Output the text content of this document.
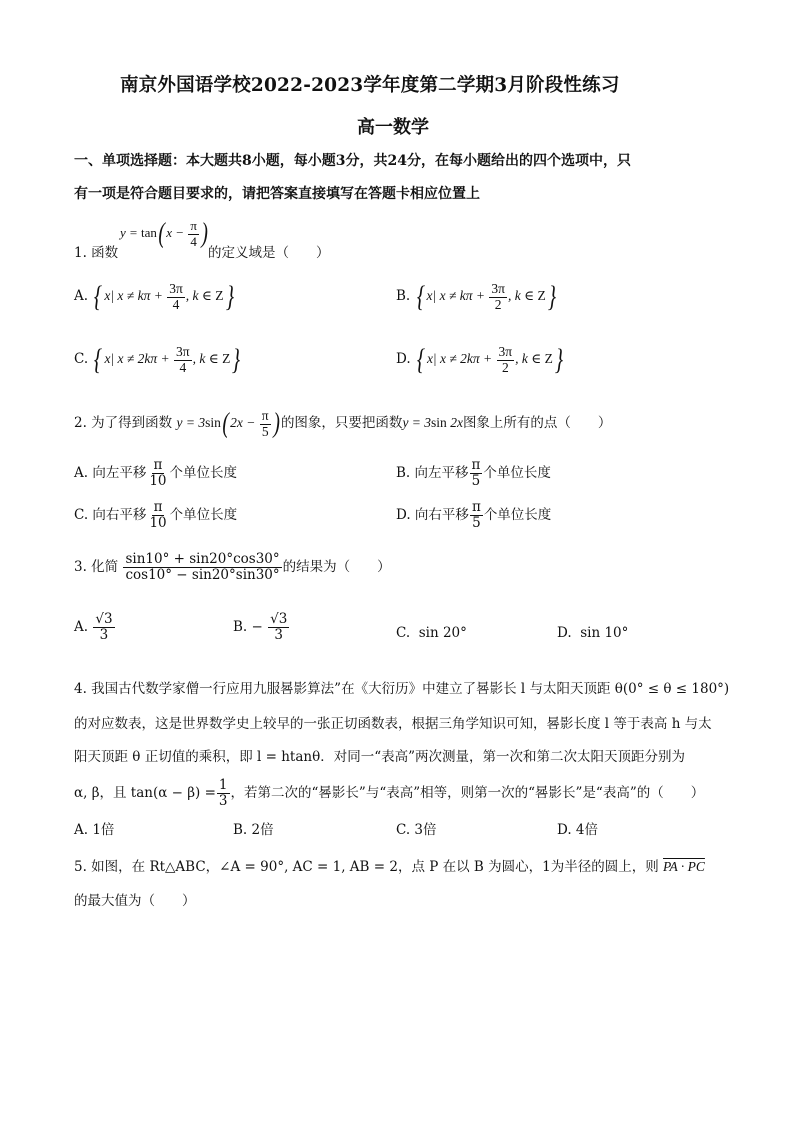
南京外国语学校2022-2023学年度第二学期3月阶段性练习
高一数学
一、单项选择题：本大题共8小题，每小题3分，共24分，在每小题给出的四个选项中，只
有一项是符合题目要求的，请把答案直接填写在答题卡相应位置上
1. 函数
$y = \tan(x - \frac{\pi}{4}$ )
的定义域是（　　）
A. { x| $x \ne k\pi + \frac{3\pi}{4}$ , k ∈ Z}	B. { x| $x \ne k\pi + \frac{3\pi}{2}$ , k ∈ Z}
C. { x| $x \ne 2k\pi + \frac{3\pi}{4}$ , k ∈ Z}	D. { x| $x \ne 2k\pi + \frac{3\pi}{2}$ , k ∈ Z}
2. 为了得到函数 $y = 3\sin(2x - \frac{\pi}{5}$ )的图象，只要把函数y = 3sin 2x图象上所有的点（　　）
A. 向左平移 $\frac{\pi}{10}$ 个单位长度	B. 向左平移 $\frac{\pi}{5}$ 个单位长度
C. 向右平移 $\frac{\pi}{10}$ 个单位长度	D. 向右平移 $\frac{\pi}{5}$ 个单位长度
3. 化简 $\frac{\sin 10^\circ + \sin 20^\circ\cos 30^\circ}{\cos 10^\circ - \sin 20^\circ\sin 30^\circ}$ 的结果为（　　）
A. $\frac{√3}{3}$	B. − $\frac{√3}{3}$	C. sin 20°	D. sin 10°
4. 我国古代数学家僧一行应用九服晷影算法”在《大衍历》中建立了晷影长 l 与太阳天顶距 θ(0° ≤ θ ≤ 180°)
的对应数表，这是世界数学史上较早的一张正切函数表，根据三角学知识可知，晷影长度 l 等于表高 h 与太
阳天顶距 θ 正切值的乘积，即 l = htanθ．对同一“表高”两次测量，第一次和第二次太阳天顶距分别为
α, β，且 $\tan(\alpha - \beta) = \frac{1}{3}$ ，若第二次的“晷影长”与“表高”相等，则第一次的“晷影长”是“表高”的（　　）
A. 1倍	B. 2倍	C. 3倍	D. 4倍
5. 如图，在 Rt△ABC，∠A = 90°, AC = 1, AB = 2，点 P 在以 B 为圆心，1为半径的圆上，则 PA · PC
的最大值为（　　）
